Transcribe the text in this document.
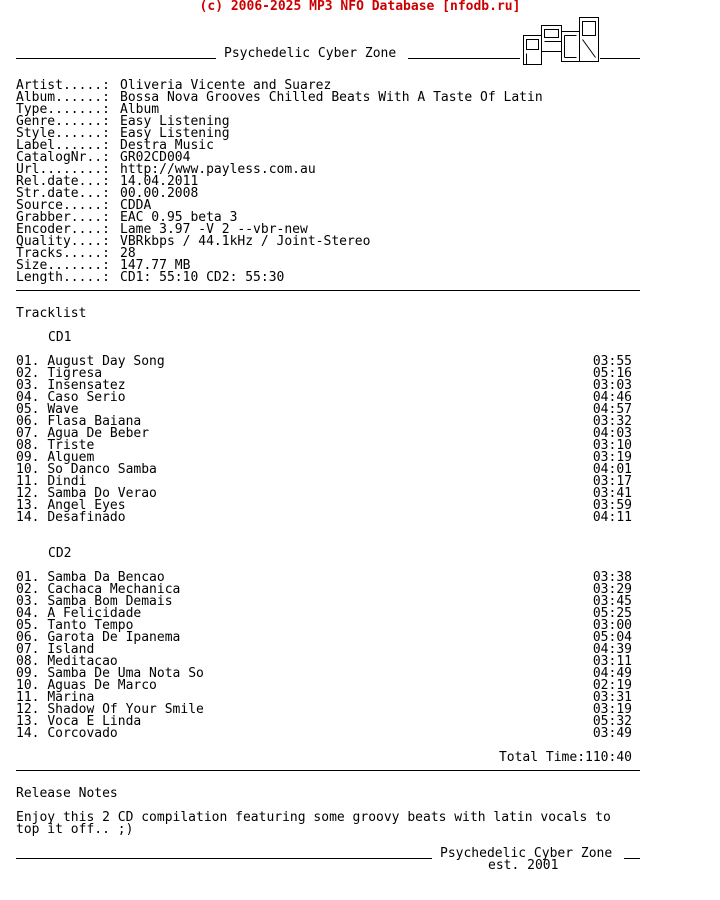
(c) 2006-2025 MP3 NFO Database [nfodb.ru]
Psychedelic Cyber Zone
PCZ
Artist.....: Oliveria Vicente and Suarez
Album......: Bossa Nova Grooves Chilled Beats With A Taste Of Latin
Type.......: Album
Genre......: Easy Listening
Style......: Easy Listening
Label......: Destra Music
CatalogNr..: GR02CD004
Url........: http://www.payless.com.au
Rel.date...: 14.04.2011
Str.date...: 00.00.2008
Source.....: CDDA
Grabber....: EAC 0.95 beta 3
Encoder....: Lame 3.97 -V 2 --vbr-new
Quality....: VBRkbps / 44.1kHz / Joint-Stereo
Tracks.....: 28
Size.......: 147.77 MB
Length.....: CD1: 55:10 CD2: 55:30
Tracklist
CD1
01. August Day Song	03:55
02. Tigresa	05:16
03. Insensatez	03:03
04. Caso Serio	04:46
05. Wave	04:57
06. Flasa Baiana	03:32
07. Agua De Beber	04:03
08. Triste	03:10
09. Alguem	03:19
10. So Danco Samba	04:01
11. Dindi	03:17
12. Samba Do Verao	03:41
13. Angel Eyes	03:59
14. Desafinado	04:11
CD2
01. Samba Da Bencao	03:38
02. Cachaca Mechanica	03:29
03. Samba Bom Demais	03:45
04. A Felicidade	05:25
05. Tanto Tempo	03:00
06. Garota De Ipanema	05:04
07. Island	04:39
08. Meditacao	03:11
09. Samba De Uma Nota So	04:49
10. Aguas De Marco	02:19
11. Marina	03:31
12. Shadow Of Your Smile	03:19
13. Voca E Linda	05:32
14. Corcovado	03:49
Total Time:110:40
Release Notes
Enjoy this 2 CD compilation featuring some groovy beats with latin vocals to
top it off.. ;)
Psychedelic Cyber Zone
est. 2001
